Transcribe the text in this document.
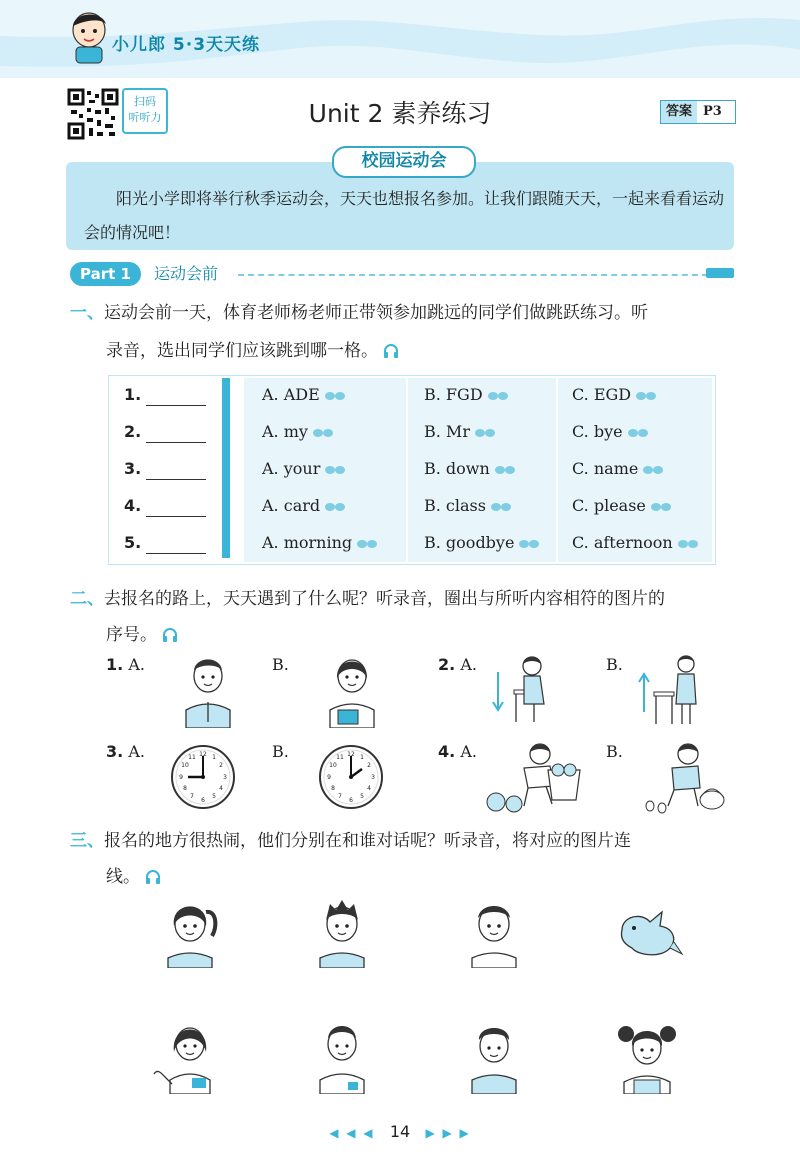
小儿郎 5·3天天练
扫码
听听力	Unit 2 素养练习	答案 P3
校园运动会
阳光小学即将举行秋季运动会，天天也想报名参加。让我们跟随天天，一起来看看运动会的情况吧！
Part 1	运动会前
一、运动会前一天，体育老师杨老师正带领参加跳远的同学们做跳跃练习。听
录音，选出同学们应该跳到哪一格。
1.	A. ADE	B. FGD	C. EGD
2.	A. my	B. Mr	C. bye
3.	A. your	B. down	C. name
4.	A. card	B. class	C. please
5.	A. morning	B. goodbye	C. afternoon
二、去报名的路上，天天遇到了什么呢？听录音，圈出与所听内容相符的图片的
序号。
1. A.	B.	2. A.	B.
3. A.	B.	4. A.	B.
12 1
2
3
4
5
6
7
8
9
10
11	12 1
2
3
4
5
6
7
8
9
10
11
三、报名的地方很热闹，他们分别在和谁对话呢？听录音，将对应的图片连
线。
◀ ◀ ◀ 14 ▶ ▶ ▶
